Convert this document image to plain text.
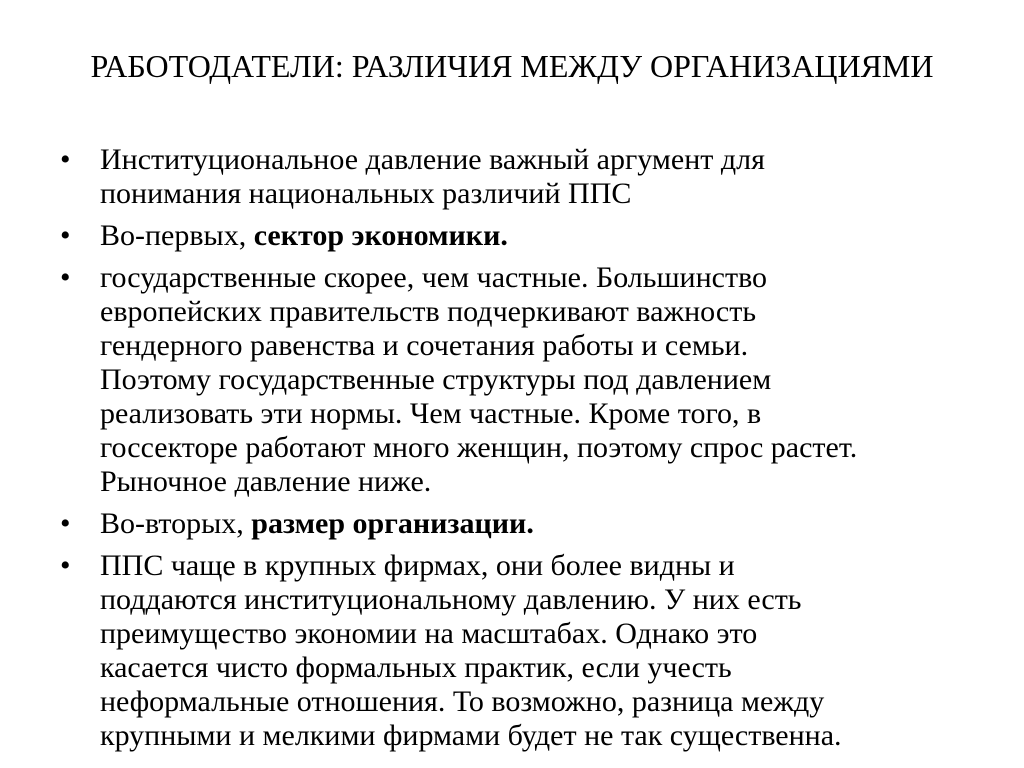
РАБОТОДАТЕЛИ: РАЗЛИЧИЯ МЕЖДУ ОРГАНИЗАЦИЯМИ
• Институциональное давление важный аргумент для
понимания национальных различий ППС
• Во-первых, сектор экономики.
• государственные скорее, чем частные. Большинство
европейских правительств подчеркивают важность
гендерного равенства и сочетания работы и семьи.
Поэтому государственные структуры под давлением
реализовать эти нормы. Чем частные. Кроме того, в
госсекторе работают много женщин, поэтому спрос растет.
Рыночное давление ниже.
• Во-вторых, размер организации.
• ППС чаще в крупных фирмах, они более видны и
поддаются институциональному давлению. У них есть
преимущество экономии на масштабах. Однако это
касается чисто формальных практик, если учесть
неформальные отношения. То возможно, разница между
крупными и мелкими фирмами будет не так существенна.
